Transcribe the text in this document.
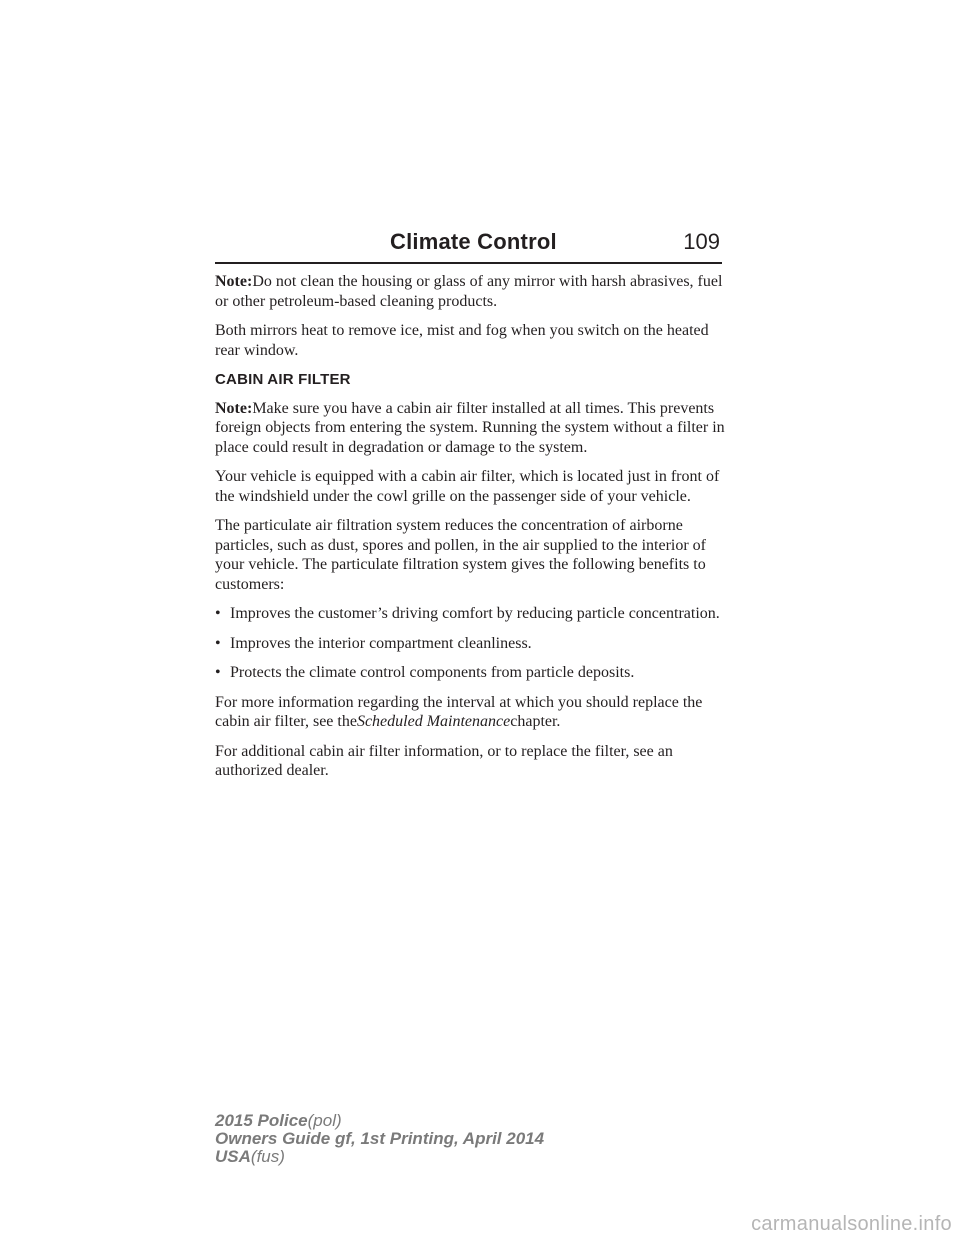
Climate Control	109

Note:Do not clean the housing or glass of any mirror with harsh abrasives, fuel or other petroleum-based cleaning products.

Both mirrors heat to remove ice, mist and fog when you switch on the heated rear window.

CABIN AIR FILTER

Note:Make sure you have a cabin air filter installed at all times. This prevents foreign objects from entering the system. Running the system without a filter in place could result in degradation or damage to the system.

Your vehicle is equipped with a cabin air filter, which is located just in front of the windshield under the cowl grille on the passenger side of your vehicle.

The particulate air filtration system reduces the concentration of airborne particles, such as dust, spores and pollen, in the air supplied to the interior of your vehicle. The particulate filtration system gives the following benefits to customers:

• Improves the customer’s driving comfort by reducing particle concentration.
• Improves the interior compartment cleanliness.
• Protects the climate control components from particle deposits.

For more information regarding the interval at which you should replace the cabin air filter, see theScheduled Maintenancechapter.

For additional cabin air filter information, or to replace the filter, see an authorized dealer.

2015 Police(pol)
Owners Guide gf, 1st Printing, April 2014
USA(fus)
carmanualsonline.info
